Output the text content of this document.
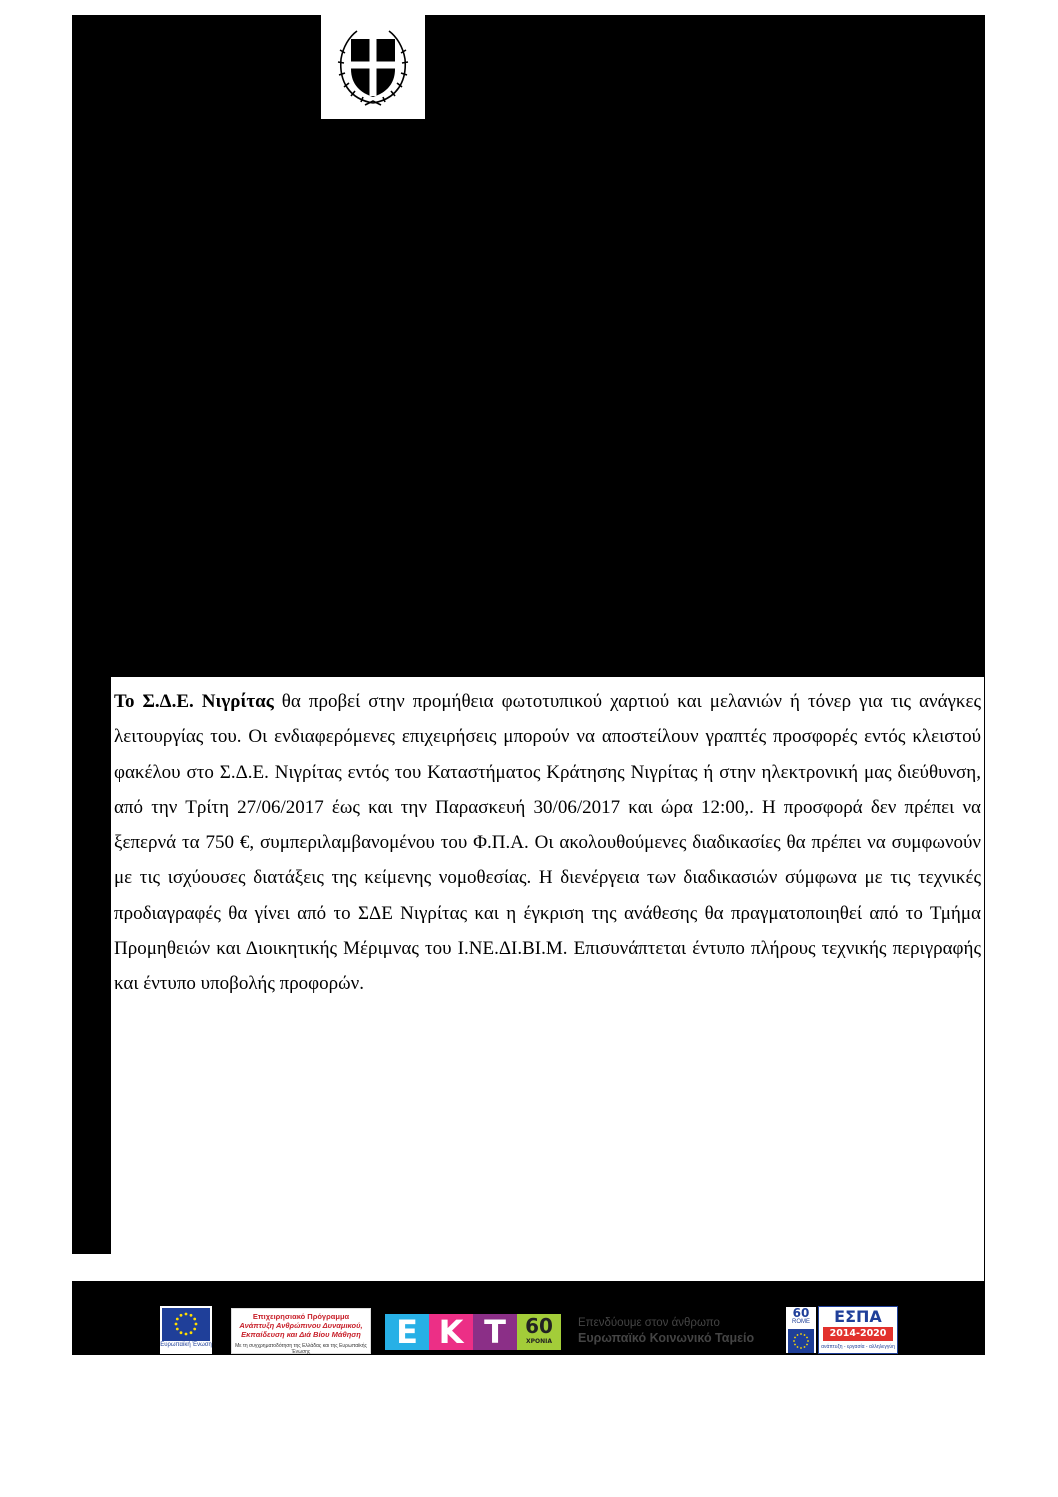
Το Σ.Δ.Ε. Νιγρίτας θα προβεί στην προμήθεια φωτοτυπικού χαρτιού και μελανιών ή τόνερ για τις ανάγκες λειτουργίας του. Οι ενδιαφερόμενες επιχειρήσεις μπορούν να αποστείλουν γραπτές προσφορές εντός κλειστού φακέλου στο Σ.Δ.Ε. Νιγρίτας εντός του Καταστήματος Κράτησης Νιγρίτας ή στην ηλεκτρονική μας διεύθυνση, από την Τρίτη 27/06/2017 έως και την Παρασκευή 30/06/2017 και ώρα 12:00,. Η προσφορά δεν πρέπει να ξεπερνά τα 750 €, συμπεριλαμβανομένου του Φ.Π.Α. Οι ακολουθούμενες διαδικασίες θα πρέπει να συμφωνούν με τις ισχύουσες διατάξεις της κείμενης νομοθεσίας. Η διενέργεια των διαδικασιών σύμφωνα με τις τεχνικές προδιαγραφές θα γίνει από το ΣΔΕ Νιγρίτας και η έγκριση της ανάθεσης θα πραγματοποιηθεί από το Τμήμα Προμηθειών και Διοικητικής Μέριμνας του Ι.ΝΕ.ΔΙ.ΒΙ.Μ. Επισυνάπτεται έντυπο πλήρους τεχνικής περιγραφής και έντυπο υποβολής προφορών.

Ευρωπαϊκή Ένωση
Επιχειρησιακό Πρόγραμμα
Ανάπτυξη Ανθρώπινου Δυναμικού, Εκπαίδευση και Διά Βίου Μάθηση
Με τη συγχρηματοδότηση της Ελλάδας και της Ευρωπαϊκής Ένωσης
Ε Κ Τ 60
ΧΡΟΝΙΑ
Επενδύουμε στον άνθρωπο
Ευρωπαϊκό Κοινωνικό Ταμείο
60
ROME	ΕΣΠΑ
2014-2020
ανάπτυξη - εργασία - αλληλεγγύη
